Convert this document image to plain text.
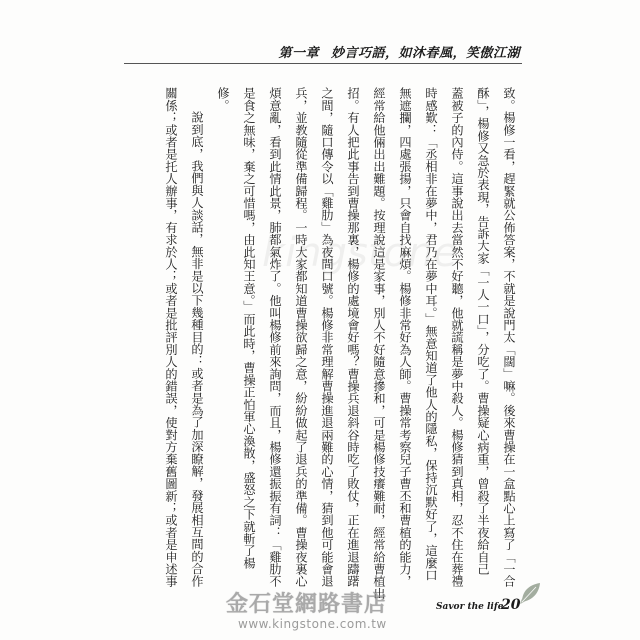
第一章 妙言巧語，如沐春風，笑傲江湖
kingstone	致。楊修一看，趕緊就公佈答案，不就是說門太「闊」嘛。後來曹操在一盒點心上寫了「一合
酥」，楊修又急於表現，告訴大家「一人一口」，分吃了。曹操疑心病重，曾殺了半夜給自己
蓋被子的內侍。這事說出去當然不好聽，他就謊稱是夢中殺人。楊修猜到真相，忍不住在葬禮
時感歎：「丞相非在夢中，君乃在夢中耳。」無意知道了他人的隱私，保持沉默好了，這麼口
無遮攔，四處張揚，只會自找麻煩。楊修非常好為人師。曹操常考察兒子曹丕和曹植的能力，
經常給他倆出出難題。按理說這是家事，別人不好隨意摻和，可是楊修技癢難耐，經常給曹植出
招。有人把此事告到曹操那裏，楊修的處境會好嗎？曹操兵退斜谷時吃了敗仗，正在進退躊躇
之間，隨口傳令以「雞肋」為夜間口號。楊修非常理解曹操進退兩難的心情，猜到他可能會退
兵，並教隨從準備歸程。一時大家都知道曹操欲歸之意，紛紛做起了退兵的準備。曹操夜裏心
煩意亂，看到此情此景，肺都氣炸了。他叫楊修前來詢問，而且，楊修還振振有詞：「雞肋不
是食之無味，棄之可惜嗎，由此知王意。」而此時，曹操正怕軍心渙散，盛怒之下就斬了楊
修。
說到底，我們與人談話，無非是以下幾種目的：或者是為了加深瞭解，發展相互間的合作
關係；或者是托人辦事，有求於人；或者是批評別人的錯誤，使對方棄舊圖新；或者是申述事
金石堂網路書店
www.kingstone.com.tw
Savor the life
20
